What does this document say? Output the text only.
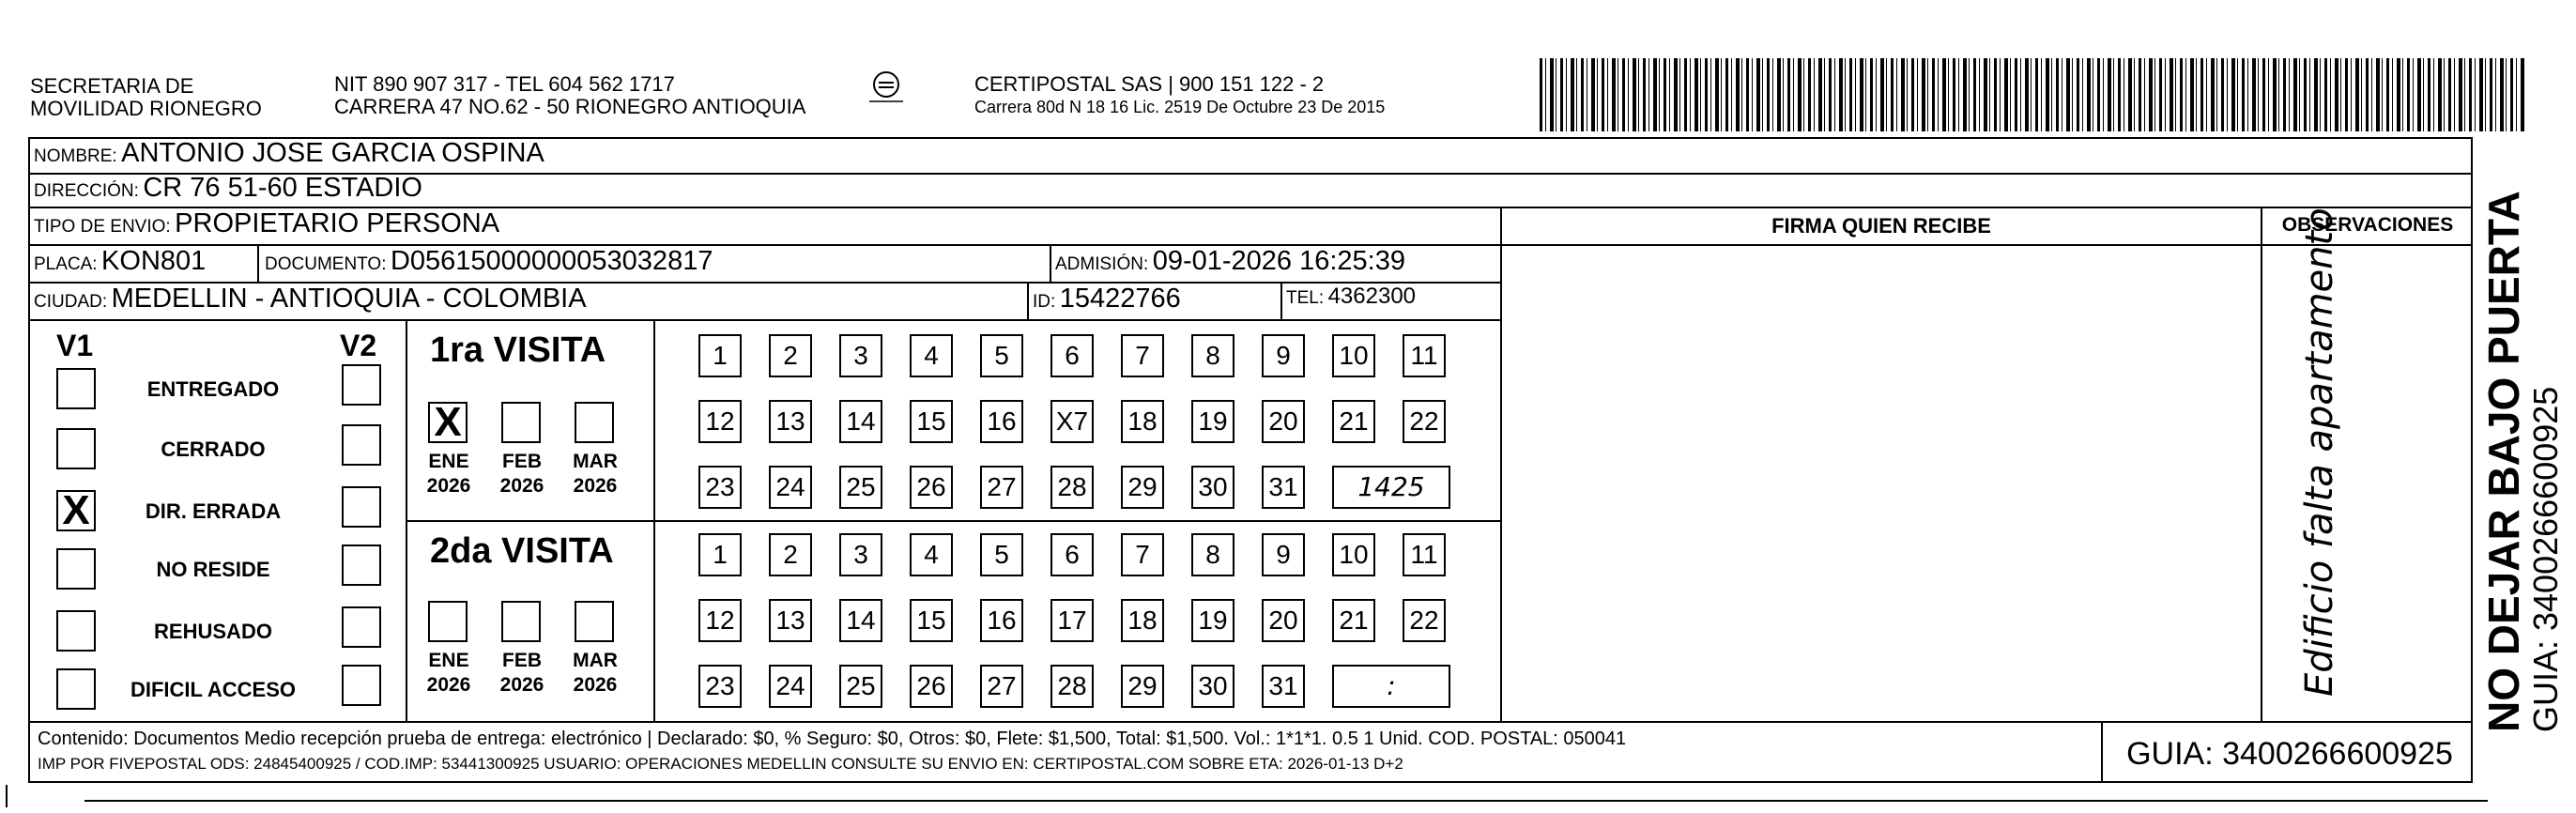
SECRETARIA DE
MOVILIDAD RIONEGRO
NIT 890 907 317 - TEL 604 562 1717
CARRERA 47 NO.62 - 50 RIONEGRO ANTIOQUIA
CERTIPOSTAL SAS | 900 151 122 - 2
Carrera 80d N 18 16 Lic. 2519 De Octubre 23 De 2015
NOMBRE: ANTONIO JOSE GARCIA OSPINA
DIRECCIÓN: CR 76 51-60 ESTADIO
TIPO DE ENVIO: PROPIETARIO PERSONA	FIRMA QUIEN RECIBE	OBSERVACIONES
PLACA: KON801	DOCUMENTO: D05615000000053032817	ADMISIÓN: 09-01-2026 16:25:39
CIUDAD: MEDELLIN - ANTIOQUIA - COLOMBIA	ID: 15422766	TEL: 4362300	Edificio falta apartamento
V1	V2
ENTREGADO
CERRADO
X	DIR. ERRADA
NO RESIDE
REHUSADO
DIFICIL ACCESO
1ra VISITA
X
ENE
2026
FEB
2026
MAR
2026
1	2	3	4	5	6	7	8	9	10	11
12 13 14 15 16 X7 18 19 20 21 22
23 24 25 26 27 28 29 30 31	1425
2da VISITA
ENE
2026
FEB
2026
MAR
2026
1	2	3	4	5	6	7	8	9	10	11
12 13 14 15 16 17 18 19 20 21 22
23 24 25 26 27 28 29 30 31	:
Contenido: Documentos Medio recepción prueba de entrega: electrónico | Declarado: $0, % Seguro: $0, Otros: $0, Flete: $1,500, Total: $1,500. Vol.: 1*1*1. 0.5 1 Unid. COD. POSTAL: 050041
IMP POR FIVEPOSTAL ODS: 24845400925 / COD.IMP: 53441300925 USUARIO: OPERACIONES MEDELLIN CONSULTE SU ENVIO EN: CERTIPOSTAL.COM SOBRE ETA: 2026-01-13 D+2	GUIA: 3400266600925
NO DEJAR BAJO PUERTA
GUIA: 3400266600925
